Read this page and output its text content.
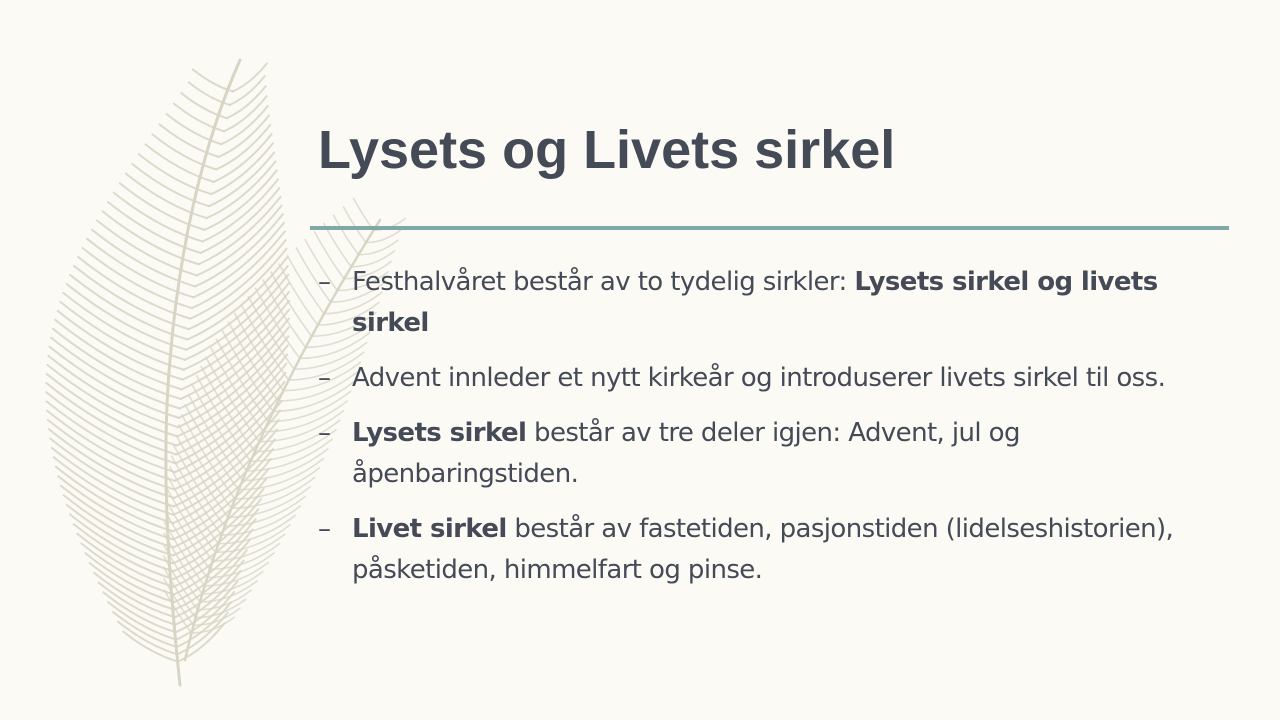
Lysets og Livets sirkel
– Festhalvåret består av to tydelig sirkler: Lysets sirkel og livets sirkel
– Advent innleder et nytt kirkeår og introduserer livets sirkel til oss.
– Lysets sirkel består av tre deler igjen: Advent, jul og åpenbaringstiden.
– Livet sirkel består av fastetiden, pasjonstiden (lidelseshistorien), påsketiden, himmelfart og pinse.
